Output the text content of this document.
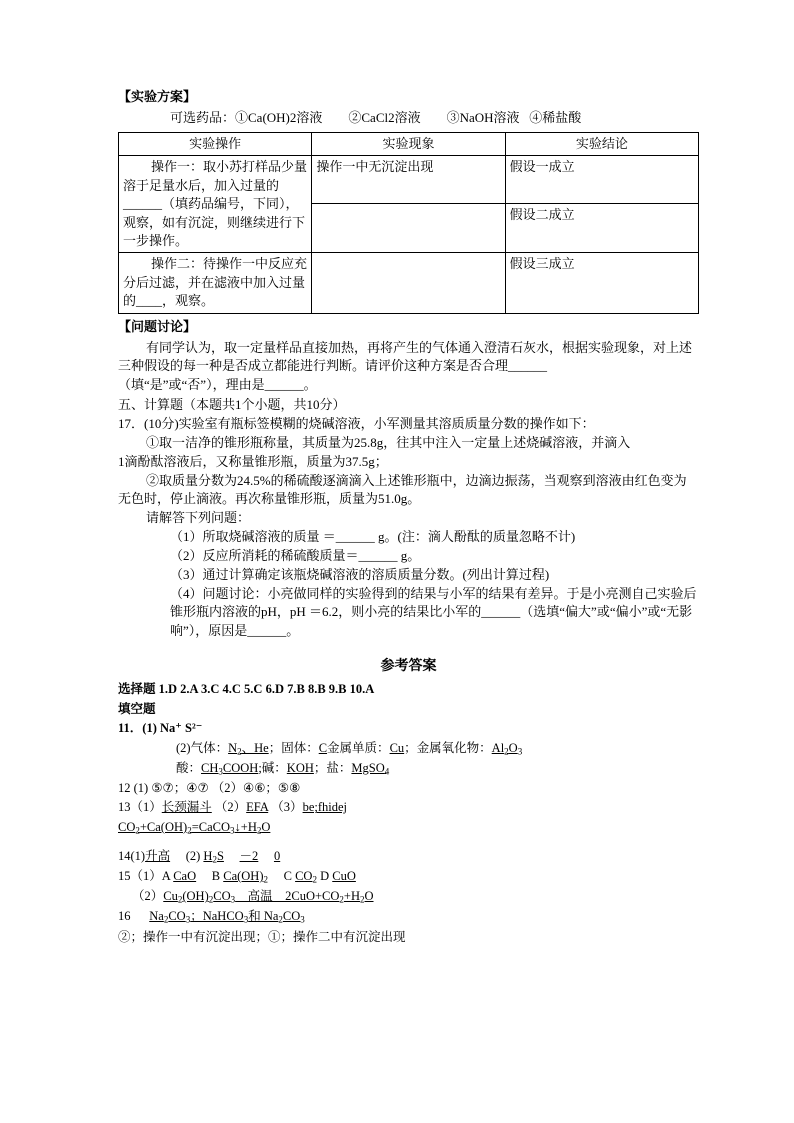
【实验方案】

可选药品：①Ca(OH)2溶液        ②CaCl2溶液        ③NaOH溶液   ④稀盐酸

实验操作	实验现象	实验结论

操作一：取小苏打样品少量溶于足量水后，加入过量的______（填药品编号，下同），观察，如有沉淀，则继续进行下一步操作。	操作一中无沉淀出现	假设一成立
		假设二成立

操作二：待操作一中反应充分后过滤，并在滤液中加入过量的____，观察。		假设三成立

【问题讨论】

有同学认为，取一定量样品直接加热，再将产生的气体通入澄清石灰水，根据实验现象，对上述三种假设的每一种是否成立都能进行判断。请评价这种方案是否合理______

（填“是”或“否”），理由是______。

五、计算题（本题共1个小题，共10分）

17．(10分)实验室有瓶标签模糊的烧碱溶液，小军测量其溶质质量分数的操作如下：

①取一洁净的锥形瓶称量，其质量为25.8g，往其中注入一定量上述烧碱溶液，并滴入

1滴酚酞溶液后，又称量锥形瓶，质量为37.5g；

②取质量分数为24.5%的稀硫酸逐滴滴入上述锥形瓶中，边滴边振荡，当观察到溶液由红色变为无色时，停止滴液。再次称量锥形瓶，质量为51.0g。

请解答下列问题：

（1）所取烧碱溶液的质量 ＝______ g。(注：滴人酚酞的质量忽略不计)

（2）反应所消耗的稀硫酸质量＝______ g。

（3）通过计算确定该瓶烧碱溶液的溶质质量分数。(列出计算过程)

（4）问题讨论：小亮做同样的实验得到的结果与小军的结果有差异。于是小亮测自己实验后锥形瓶内溶液的pH，pH ＝6.2，则小亮的结果比小军的______（选填“偏大”或“偏小”或“无影响”），原因是______。

参考答案

选择题 1.D 2.A 3.C 4.C 5.C 6.D 7.B 8.B 9.B 10.A

填空题

11．(1) Na⁺ S²⁻

(2)气体：$N_2$、He；固体：C金属单质：Cu；金属氧化物：$Al_2O_3$

酸：$CH_3COOH$;碱：KOH；盐：MgSO$_4$

12 (1) ⑤⑦；④⑦ （2）④⑥；⑤⑧

13（1）长颈漏斗 （2）EFA （3）be;fhidej

$CO_2+Ca(OH)_2=CaCO_3↓+H_2O$

14(1)升高　 (2) $H_2S$　 －2　 0

15（1）A CaO　 B $Ca(OH)_2$　 C $CO_2$ D CuO

$(2)Cu_2(OH)_2CO_3$　高温　$2CuO+CO_2+H_2O$

16 　 $Na_2CO_3$；NaHCO$_3$和 $Na_2CO_3$

②；操作一中有沉淀出现；①；操作二中有沉淀出现
